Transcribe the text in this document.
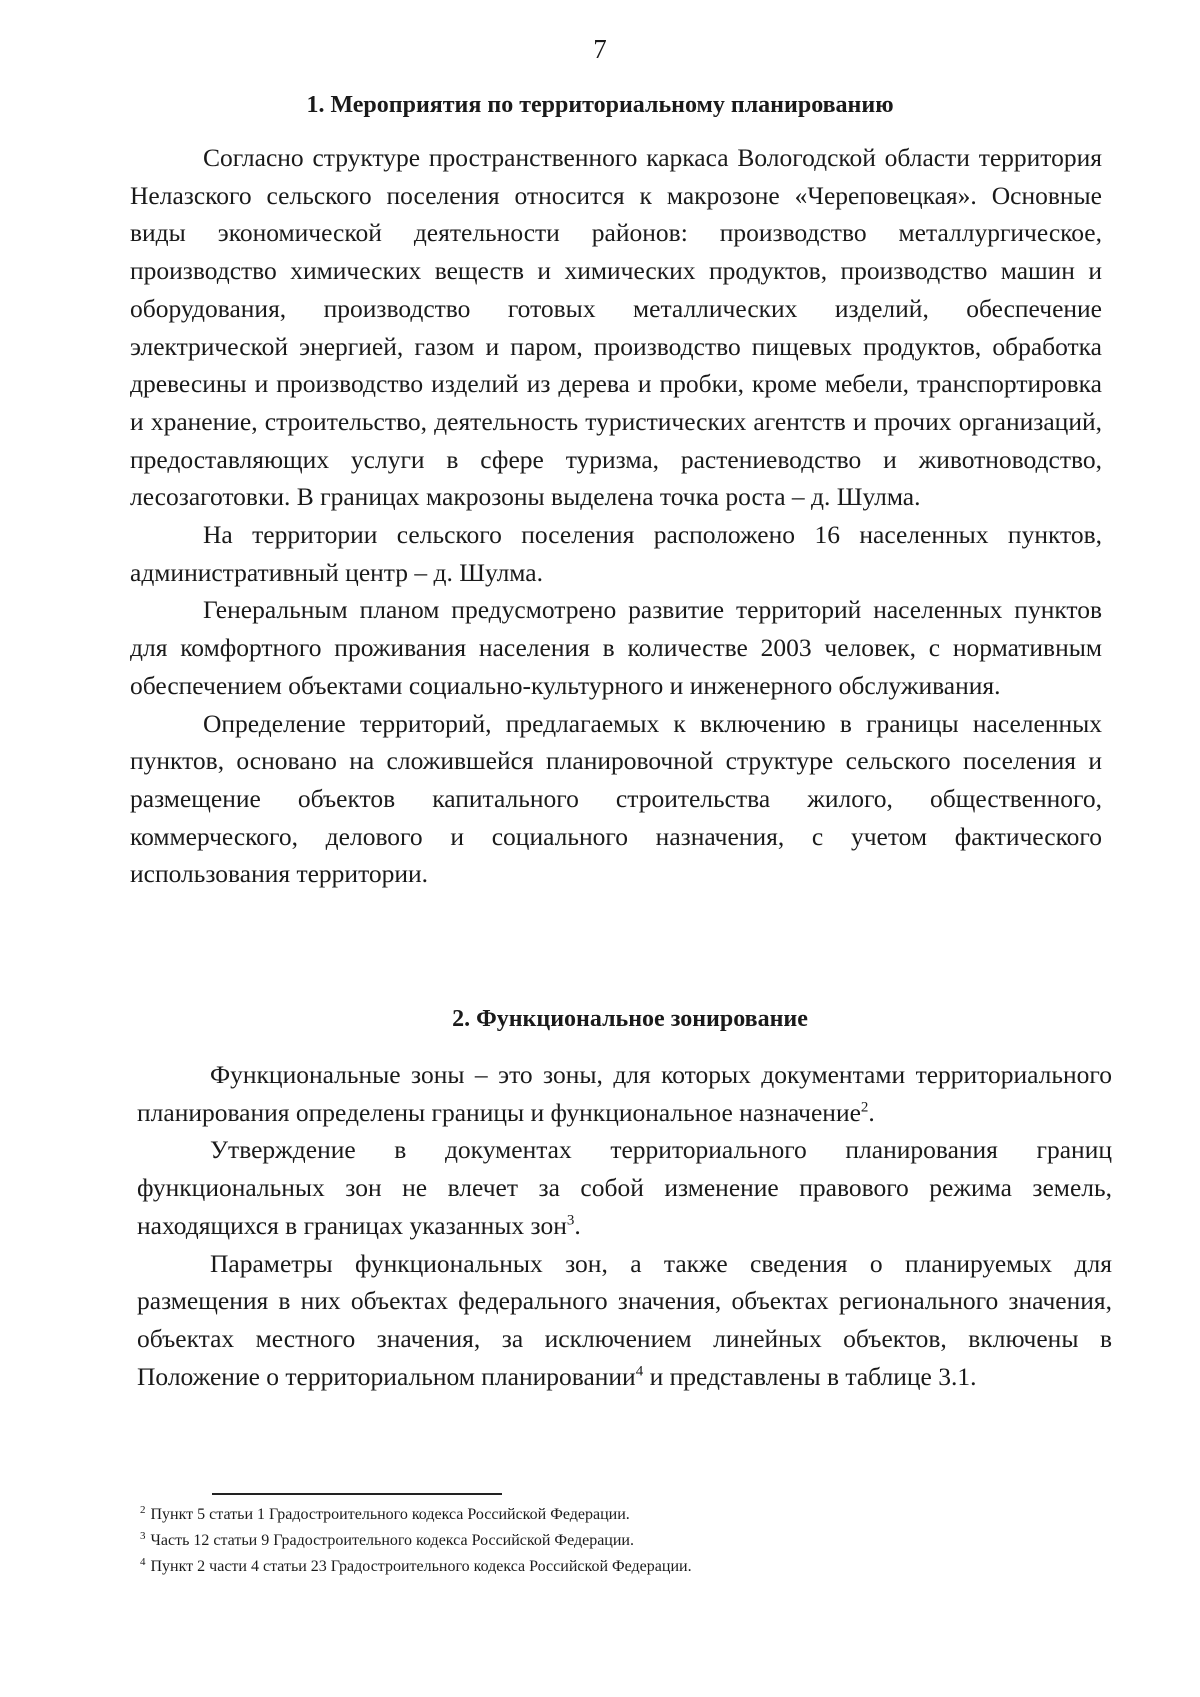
7
1. Мероприятия по территориальному планированию

Согласно структуре пространственного каркаса Вологодской области территория Нелазского сельского поселения относится к макрозоне «Череповецкая». Основные виды экономической деятельности районов: производство металлургическое, производство химических веществ и химических продуктов, производство машин и оборудования, производство готовых металлических изделий, обеспечение электрической энергией, газом и паром, производство пищевых продуктов, обработка древесины и производство изделий из дерева и пробки, кроме мебели, транспортировка и хранение, строительство, деятельность туристических агентств и прочих организаций, предоставляющих услуги в сфере туризма, растениеводство и животноводство, лесозаготовки. В границах макрозоны выделена точка роста – д. Шулма.

На территории сельского поселения расположено 16 населенных пунктов, административный центр – д. Шулма.

Генеральным планом предусмотрено развитие территорий населенных пунктов для комфортного проживания населения в количестве 2003 человек, с нормативным обеспечением объектами социально-культурного и инженерного обслуживания.

Определение территорий, предлагаемых к включению в границы населенных пунктов, основано на сложившейся планировочной структуре сельского поселения и размещение объектов капитального строительства жилого, общественного, коммерческого, делового и социального назначения, с учетом фактического использования территории.

2. Функциональное зонирование

Функциональные зоны – это зоны, для которых документами территориального планирования определены границы и функциональное назначение$^2$.

Утверждение в документах территориального планирования границ функциональных зон не влечет за собой изменение правового режима земель, находящихся в границах указанных зон$^3$.

Параметры функциональных зон, а также сведения о планируемых для размещения в них объектах федерального значения, объектах регионального значения, объектах местного значения, за исключением линейных объектов, включены в Положение о территориальном планировании$^4$ и представлены в таблице 3.1.

$^2$ Пункт 5 статьи 1 Градостроительного кодекса Российской Федерации.

$^3$ Часть 12 статьи 9 Градостроительного кодекса Российской Федерации.

$^4$ Пункт 2 части 4 статьи 23 Градостроительного кодекса Российской Федерации.
